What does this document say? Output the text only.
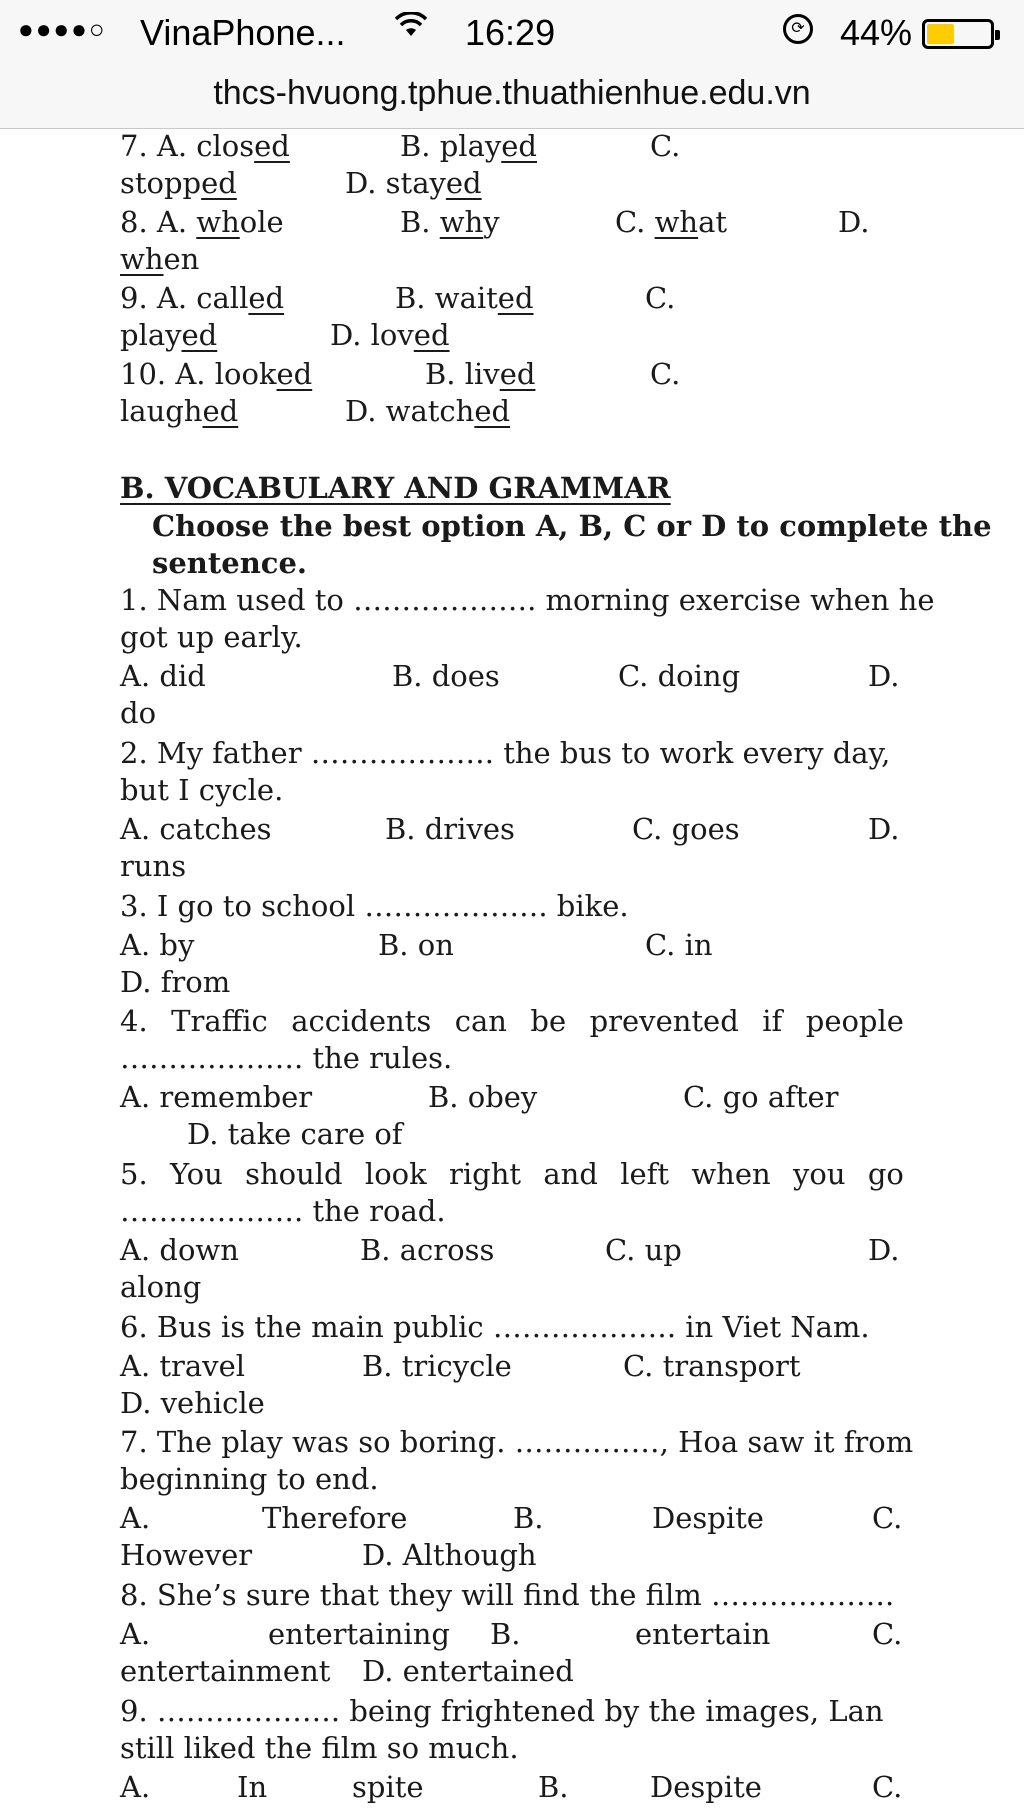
●●●●○ VinaPhone...	16:29	⟳ 44%
thcs-hvuong.tphue.thuathienhue.edu.vn
7. A. closed	B. played	C.
stopped	D. stayed
8. A. whole	B. why	C. what	D.
when
9. A. called	B. waited	C.
played	D. loved
10. A. looked	B. lived	C.
laughed	D. watched
B. VOCABULARY AND GRAMMAR
Choose the best option A, B, C or D to complete the
sentence.
1. Nam used to ………………. morning exercise when he
got up early.
A. did	B. does	C. doing	D.
do
2. My father ………………. the bus to work every day,
but I cycle.
A. catches	B. drives	C. goes	D.
runs
3. I go to school ………………. bike.
A. by	B. on	C. in
D. from
4. Traffic accidents can be prevented if people
………………. the rules.
A. remember	B. obey	C. go after
D. take care of
5. You should look right and left when you go
………………. the road.
A. down	B. across	C. up	D.
along
6. Bus is the main public ………………. in Viet Nam.
A. travel	B. tricycle	C. transport
D. vehicle
7. The play was so boring. ……………, Hoa saw it from
beginning to end.
A.	Therefore	B.	Despite	C.
However	D. Although
8. She’s sure that they will find the film ……………….
A.	entertaining B.	entertain	C.
entertainment D. entertained
9. ………………. being frightened by the images, Lan
still liked the film so much.
A.	In	spite	B.	Despite	C.
